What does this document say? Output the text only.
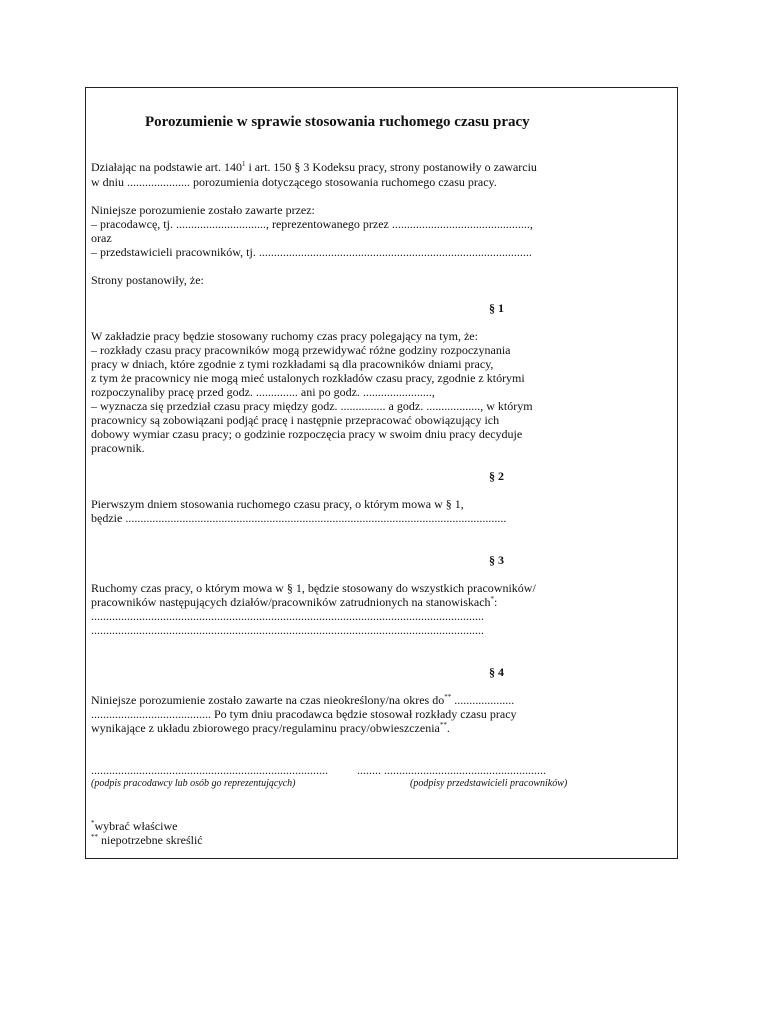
Porozumienie w sprawie stosowania ruchomego czasu pracy
Działając na podstawie art. $140^1$ i art. 150 § 3 Kodeksu pracy, strony postanowiły o zawarciu
w dniu ..................... porozumienia dotyczącego stosowania ruchomego czasu pracy.
Niniejsze porozumienie zostało zawarte przez:
– pracodawcę, tj. .............................., reprezentowanego przez ..............................................,
oraz
– przedstawicieli pracowników, tj. ...........................................................................................
Strony postanowiły, że:
§ 1
W zakładzie pracy będzie stosowany ruchomy czas pracy polegający na tym, że:
– rozkłady czasu pracy pracowników mogą przewidywać różne godziny rozpoczynania
pracy w dniach, które zgodnie z tymi rozkładami są dla pracowników dniami pracy,
z tym że pracownicy nie mogą mieć ustalonych rozkładów czasu pracy, zgodnie z którymi
rozpoczynaliby pracę przed godz. .............. ani po godz. .......................,
– wyznacza się przedział czasu pracy między godz. ............... a godz. .................., w którym
pracownicy są zobowiązani podjąć pracę i następnie przepracować obowiązujący ich
dobowy wymiar czasu pracy; o godzinie rozpoczęcia pracy w swoim dniu pracy decyduje
pracownik.
§ 2
Pierwszym dniem stosowania ruchomego czasu pracy, o którym mowa w § 1,
będzie ...............................................................................................................................
§ 3
Ruchomy czas pracy, o którym mowa w § 1, będzie stosowany do wszystkich pracowników/
pracowników następujących działów/pracowników zatrudnionych na stanowiskach*:
...................................................................................................................................
...................................................................................................................................
§ 4
Niniejsze porozumienie zostało zawarte na czas nieokreślony/na okres do** ....................
........................................ Po tym dniu pracodawca będzie stosował rozkłady czasu pracy
wynikające z układu zbiorowego pracy/regulaminu pracy/obwieszczenia**.
............................................................................... ........ ......................................................
(podpis pracodawcy lub osób go reprezentujących)	(podpisy przedstawicieli pracowników)
*wybrać właściwe
** niepotrzebne skreślić
